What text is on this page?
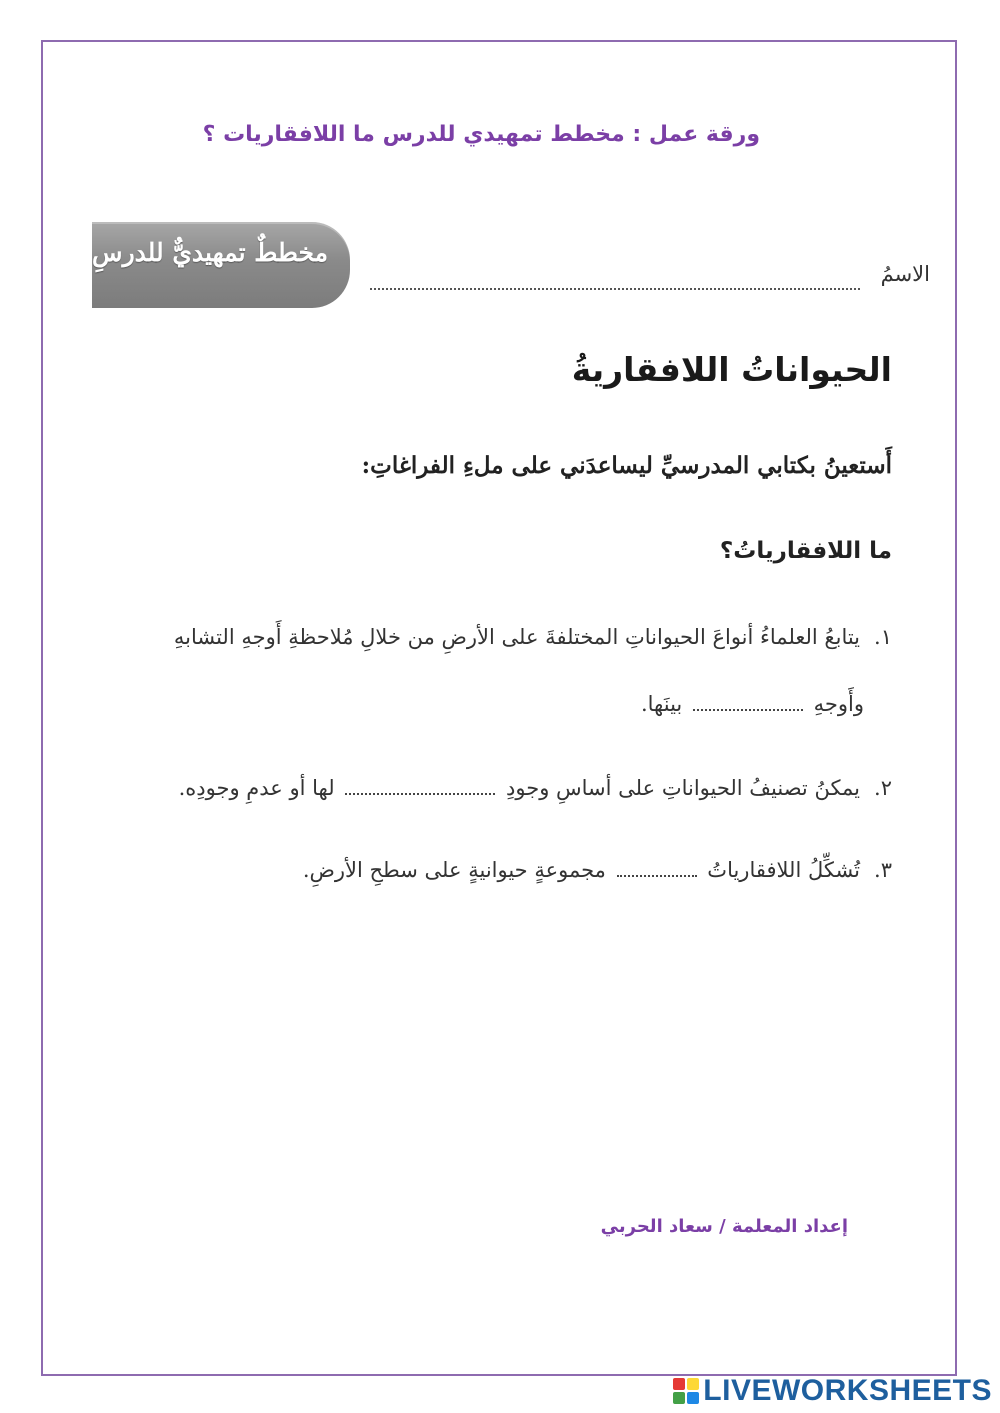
ورقة عمل : مخطط تمهيدي للدرس ما اللافقاريات ؟
مخططٌ تمهيديٌّ للدرسِ
الاسمُ
الحيواناتُ اللافقاريةُ
أَستعينُ بكتابي المدرسيِّ ليساعدَني على ملءِ الفراغاتِ:
ما اللافقارياتُ؟
١.يتابعُ العلماءُ أنواعَ الحيواناتِ المختلفةَ على الأرضِ من خلالِ مُلاحظةِ أَوجهِ التشابهِ
وأَوجهِ  بينَها.
٢.يمكنُ تصنيفُ الحيواناتِ على أساسِ وجودِ  لها أو عدمِ وجودِه.
٣.تُشكِّلُ اللافقارياتُ  مجموعةٍ حيوانيةٍ على سطحِ الأرضِ.
إعداد المعلمة / سعاد الحربي
LIVEWORKSHEETS
